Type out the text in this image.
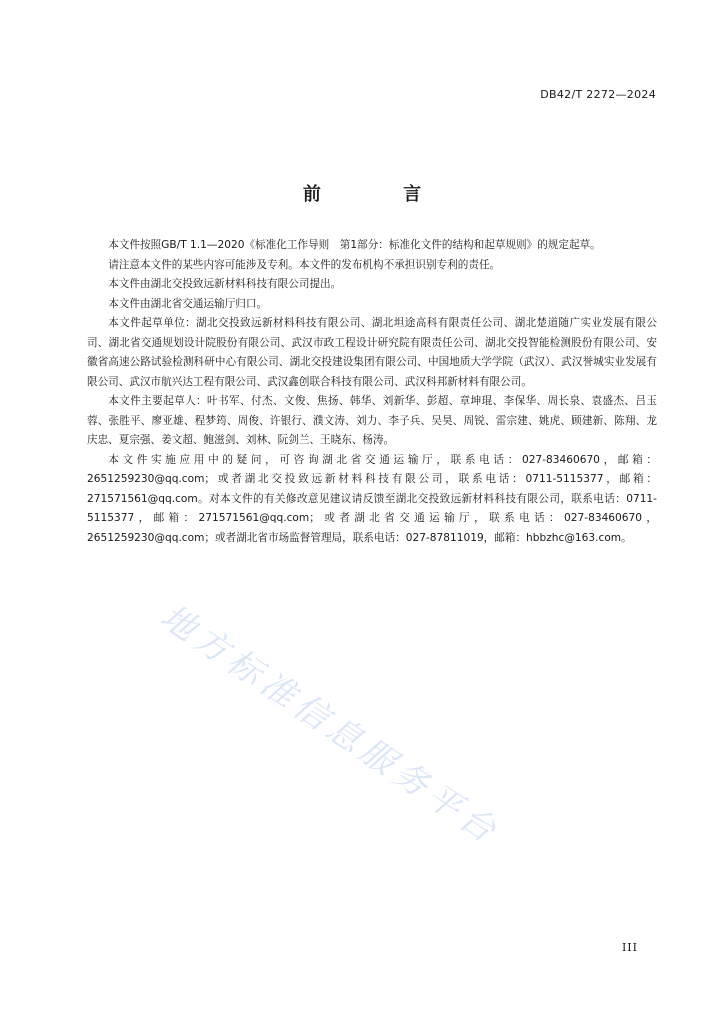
DB42/T 2272—2024
前 言

本文件按照GB/T 1.1—2020《标准化工作导则　第1部分：标准化文件的结构和起草规则》的规定起草。

请注意本文件的某些内容可能涉及专利。本文件的发布机构不承担识别专利的责任。

本文件由湖北交投致远新材料科技有限公司提出。

本文件由湖北省交通运输厅归口。

本文件起草单位：湖北交投致远新材料科技有限公司、湖北坦途高科有限责任公司、湖北楚道随广实业发展有限公司、湖北省交通规划设计院股份有限公司、武汉市政工程设计研究院有限责任公司、湖北交投智能检测股份有限公司、安徽省高速公路试验检测科研中心有限公司、湖北交投建设集团有限公司、中国地质大学学院（武汉）、武汉誉城实业发展有限公司、武汉市航兴达工程有限公司、武汉鑫创联合科技有限公司、武汉科邦新材料有限公司。

本文件主要起草人：叶书军、付杰、文俊、焦扬、韩华、刘新华、彭超、章坤琨、李保华、周长泉、袁盛杰、吕玉蓉、张胜平、廖亚雄、程梦筠、周俊、许银行、濮文涛、刘力、李子兵、吴昊、周锐、雷宗建、姚虎、顾建新、陈翔、龙庆忠、夏宗强、姜文超、鲍滋剑、刘林、阮剑兰、王晓东、杨涛。

本文件实施应用中的疑问，可咨询湖北省交通运输厅，联系电话：027-83460670，邮箱：2651259230@qq.com；或者湖北交投致远新材料科技有限公司，联系电话：0711-5115377，邮箱：271571561@qq.com。对本文件的有关修改意见建议请反馈至湖北交投致远新材料科技有限公司，联系电话：0711-5115377，邮箱：271571561@qq.com；或者湖北省交通运输厅，联系电话：027-83460670，2651259230@qq.com；或者湖北省市场监督管理局，联系电话：027-87811019，邮箱：hbbzhc@163.com。

地方标准信息服务平台
III
